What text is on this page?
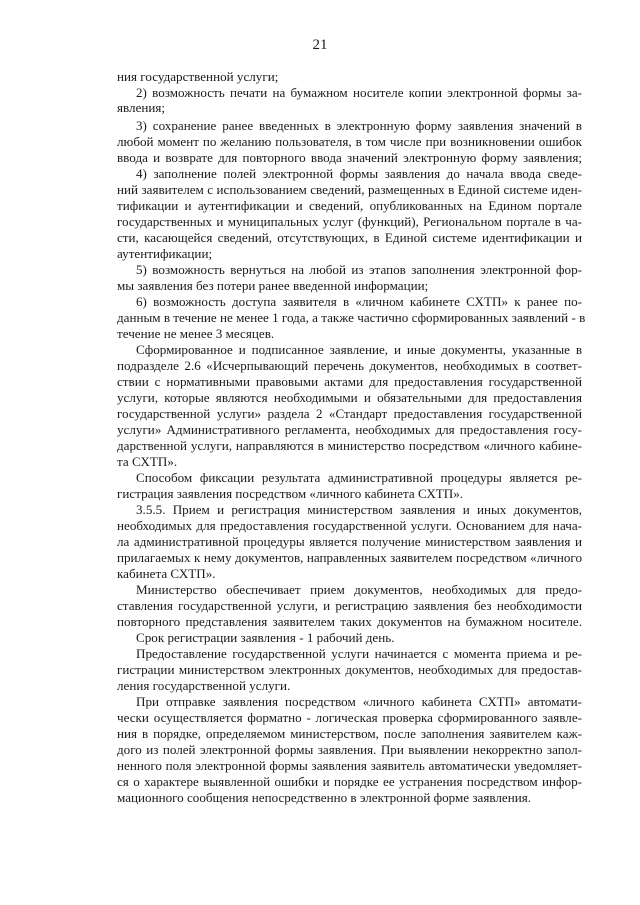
21
ния государственной услуги;
2) возможность печати на бумажном носителе копии электронной формы за-
явления;
3) сохранение ранее введенных в электронную форму заявления значений в
любой момент по желанию пользователя, в том числе при возникновении ошибок
ввода и возврате для повторного ввода значений электронную форму заявления;
4) заполнение полей электронной формы заявления до начала ввода сведе-
ний заявителем с использованием сведений, размещенных в Единой системе иден-
тификации и аутентификации и сведений, опубликованных на Едином портале
государственных и муниципальных услуг (функций), Региональном портале в ча-
сти, касающейся сведений, отсутствующих, в Единой системе идентификации и
аутентификации;
5) возможность вернуться на любой из этапов заполнения электронной фор-
мы заявления без потери ранее введенной информации;
6) возможность доступа заявителя в «личном кабинете СХТП» к ранее по-
данным в течение не менее 1 года, а также частично сформированных заявлений - в
течение не менее 3 месяцев.
Сформированное и подписанное заявление, и иные документы, указанные в
подразделе 2.6 «Исчерпывающий перечень документов, необходимых в соответ-
ствии с нормативными правовыми актами для предоставления государственной
услуги, которые являются необходимыми и обязательными для предоставления
государственной услуги» раздела 2 «Стандарт предоставления государственной
услуги» Административного регламента, необходимых для предоставления госу-
дарственной услуги, направляются в министерство посредством «личного кабине-
та СХТП».
Способом фиксации результата административной процедуры является ре-
гистрация заявления посредством «личного кабинета СХТП».
3.5.5. Прием и регистрация министерством заявления и иных документов,
необходимых для предоставления государственной услуги. Основанием для нача-
ла административной процедуры является получение министерством заявления и
прилагаемых к нему документов, направленных заявителем посредством «личного
кабинета СХТП».
Министерство обеспечивает прием документов, необходимых для предо-
ставления государственной услуги, и регистрацию заявления без необходимости
повторного представления заявителем таких документов на бумажном носителе.
Срок регистрации заявления - 1 рабочий день.
Предоставление государственной услуги начинается с момента приема и ре-
гистрации министерством электронных документов, необходимых для предостав-
ления государственной услуги.
При отправке заявления посредством «личного кабинета СХТП» автомати-
чески осуществляется форматно - логическая проверка сформированного заявле-
ния в порядке, определяемом министерством, после заполнения заявителем каж-
дого из полей электронной формы заявления. При выявлении некорректно запол-
ненного поля электронной формы заявления заявитель автоматически уведомляет-
ся о характере выявленной ошибки и порядке ее устранения посредством инфор-
мационного сообщения непосредственно в электронной форме заявления.
